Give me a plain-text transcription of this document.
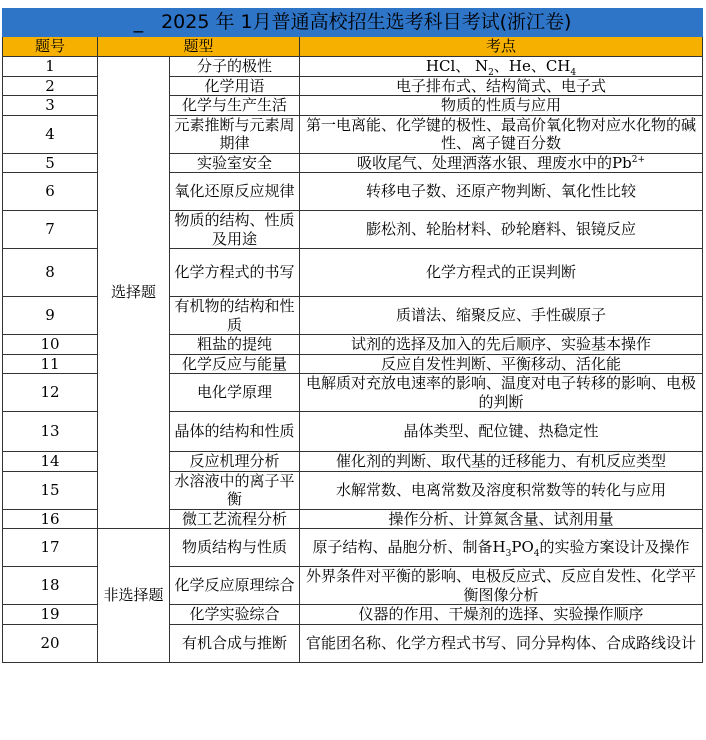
_ 2025 年 1月普通高校招生选考科目考试(浙江卷)			
题号	题型		考点
1	选择题	分子的极性	HCl、 $N_2$、He、$CH_4$
2		化学用语	电子排布式、结构简式、电子式
3		化学与生产生活	物质的性质与应用
4		元素推断与元素周期律	第一电离能、化学键的极性、最高价氧化物对应水化物的碱性、离子键百分数
5		实验室安全	吸收尾气、处理洒落水银、理废水中的$Pb^{2+}$
6		氧化还原反应规律	转移电子数、还原产物判断、氧化性比较
7		物质的结构、性质及用途	膨松剂、轮胎材料、砂轮磨料、银镜反应
8		化学方程式的书写	化学方程式的正误判断
9		有机物的结构和性质	质谱法、缩聚反应、手性碳原子
10		粗盐的提纯	试剂的选择及加入的先后顺序、实验基本操作
11		化学反应与能量	反应自发性判断、平衡移动、活化能
12		电化学原理	电解质对充放电速率的影响、温度对电子转移的影响、电极的判断
13		晶体的结构和性质	晶体类型、配位键、热稳定性
14		反应机理分析	催化剂的判断、取代基的迁移能力、有机反应类型
15		水溶液中的离子平衡	水解常数、电离常数及溶度积常数等的转化与应用
16		微工艺流程分析	操作分析、计算氮含量、试剂用量
17	非选择题	物质结构与性质	原子结构、晶胞分析、制备$H_3PO_4$的实验方案设计及操作
18		化学反应原理综合	外界条件对平衡的影响、电极反应式、反应自发性、化学平衡图像分析
19		化学实验综合	仪器的作用、干燥剂的选择、实验操作顺序
20		有机合成与推断	官能团名称、化学方程式书写、同分异构体、合成路线设计
